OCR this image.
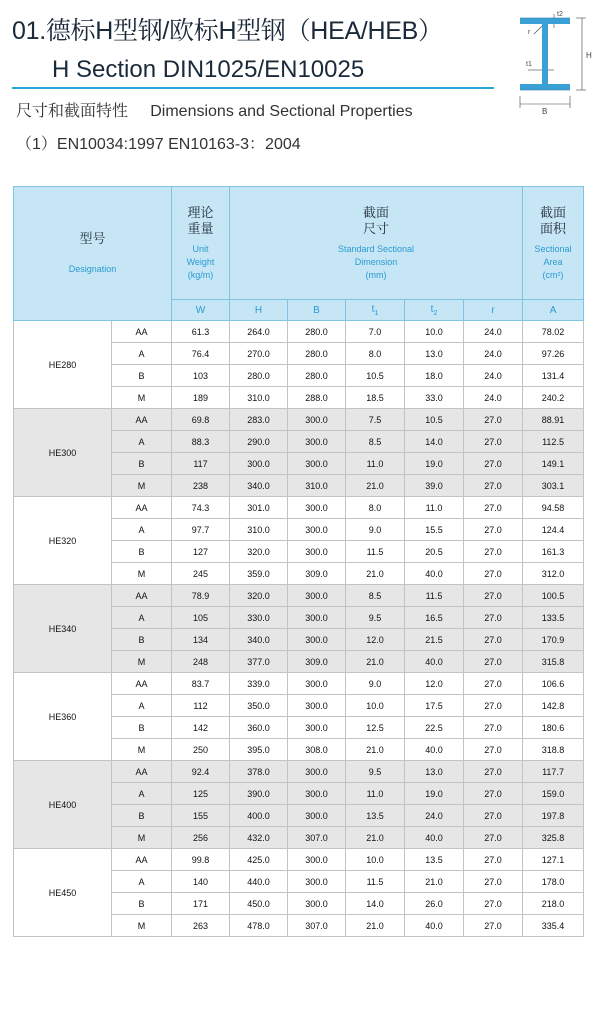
01.德标H型钢/欧标H型钢（HEA/HEB）
H Section DIN1025/EN10025
尺寸和截面特性     Dimensions and Sectional Properties
（1）EN10034:1997 EN10163-3：2004
t2
r
t1
H
B
型号
Designation		理论
重量
Unit
Weight
(kg/m)	截面
尺寸
Standard Sectional
Dimension
(mm)					截面
面积
Sectional
Area
(cm²)

		W	H	B	$t_1$	$t_2$	r	A
HE280	AA	61.3	264.0	280.0	7.0	10.0	24.0	78.02
	A	76.4	270.0	280.0	8.0	13.0	24.0	97.26
	B	103	280.0	280.0	10.5	18.0	24.0	131.4
	M	189	310.0	288.0	18.5	33.0	24.0	240.2
HE300	AA	69.8	283.0	300.0	7.5	10.5	27.0	88.91
	A	88.3	290.0	300.0	8.5	14.0	27.0	112.5
	B	117	300.0	300.0	11.0	19.0	27.0	149.1
	M	238	340.0	310.0	21.0	39.0	27.0	303.1
HE320	AA	74.3	301.0	300.0	8.0	11.0	27.0	94.58
	A	97.7	310.0	300.0	9.0	15.5	27.0	124.4
	B	127	320.0	300.0	11.5	20.5	27.0	161.3
	M	245	359.0	309.0	21.0	40.0	27.0	312.0
HE340	AA	78.9	320.0	300.0	8.5	11.5	27.0	100.5
	A	105	330.0	300.0	9.5	16.5	27.0	133.5
	B	134	340.0	300.0	12.0	21.5	27.0	170.9
	M	248	377.0	309.0	21.0	40.0	27.0	315.8
HE360	AA	83.7	339.0	300.0	9.0	12.0	27.0	106.6
	A	112	350.0	300.0	10.0	17.5	27.0	142.8
	B	142	360.0	300.0	12.5	22.5	27.0	180.6
	M	250	395.0	308.0	21.0	40.0	27.0	318.8
HE400	AA	92.4	378.0	300.0	9.5	13.0	27.0	117.7
	A	125	390.0	300.0	11.0	19.0	27.0	159.0
	B	155	400.0	300.0	13.5	24.0	27.0	197.8
	M	256	432.0	307.0	21.0	40.0	27.0	325.8
HE450	AA	99.8	425.0	300.0	10.0	13.5	27.0	127.1
	A	140	440.0	300.0	11.5	21.0	27.0	178.0
	B	171	450.0	300.0	14.0	26.0	27.0	218.0
	M	263	478.0	307.0	21.0	40.0	27.0	335.4
